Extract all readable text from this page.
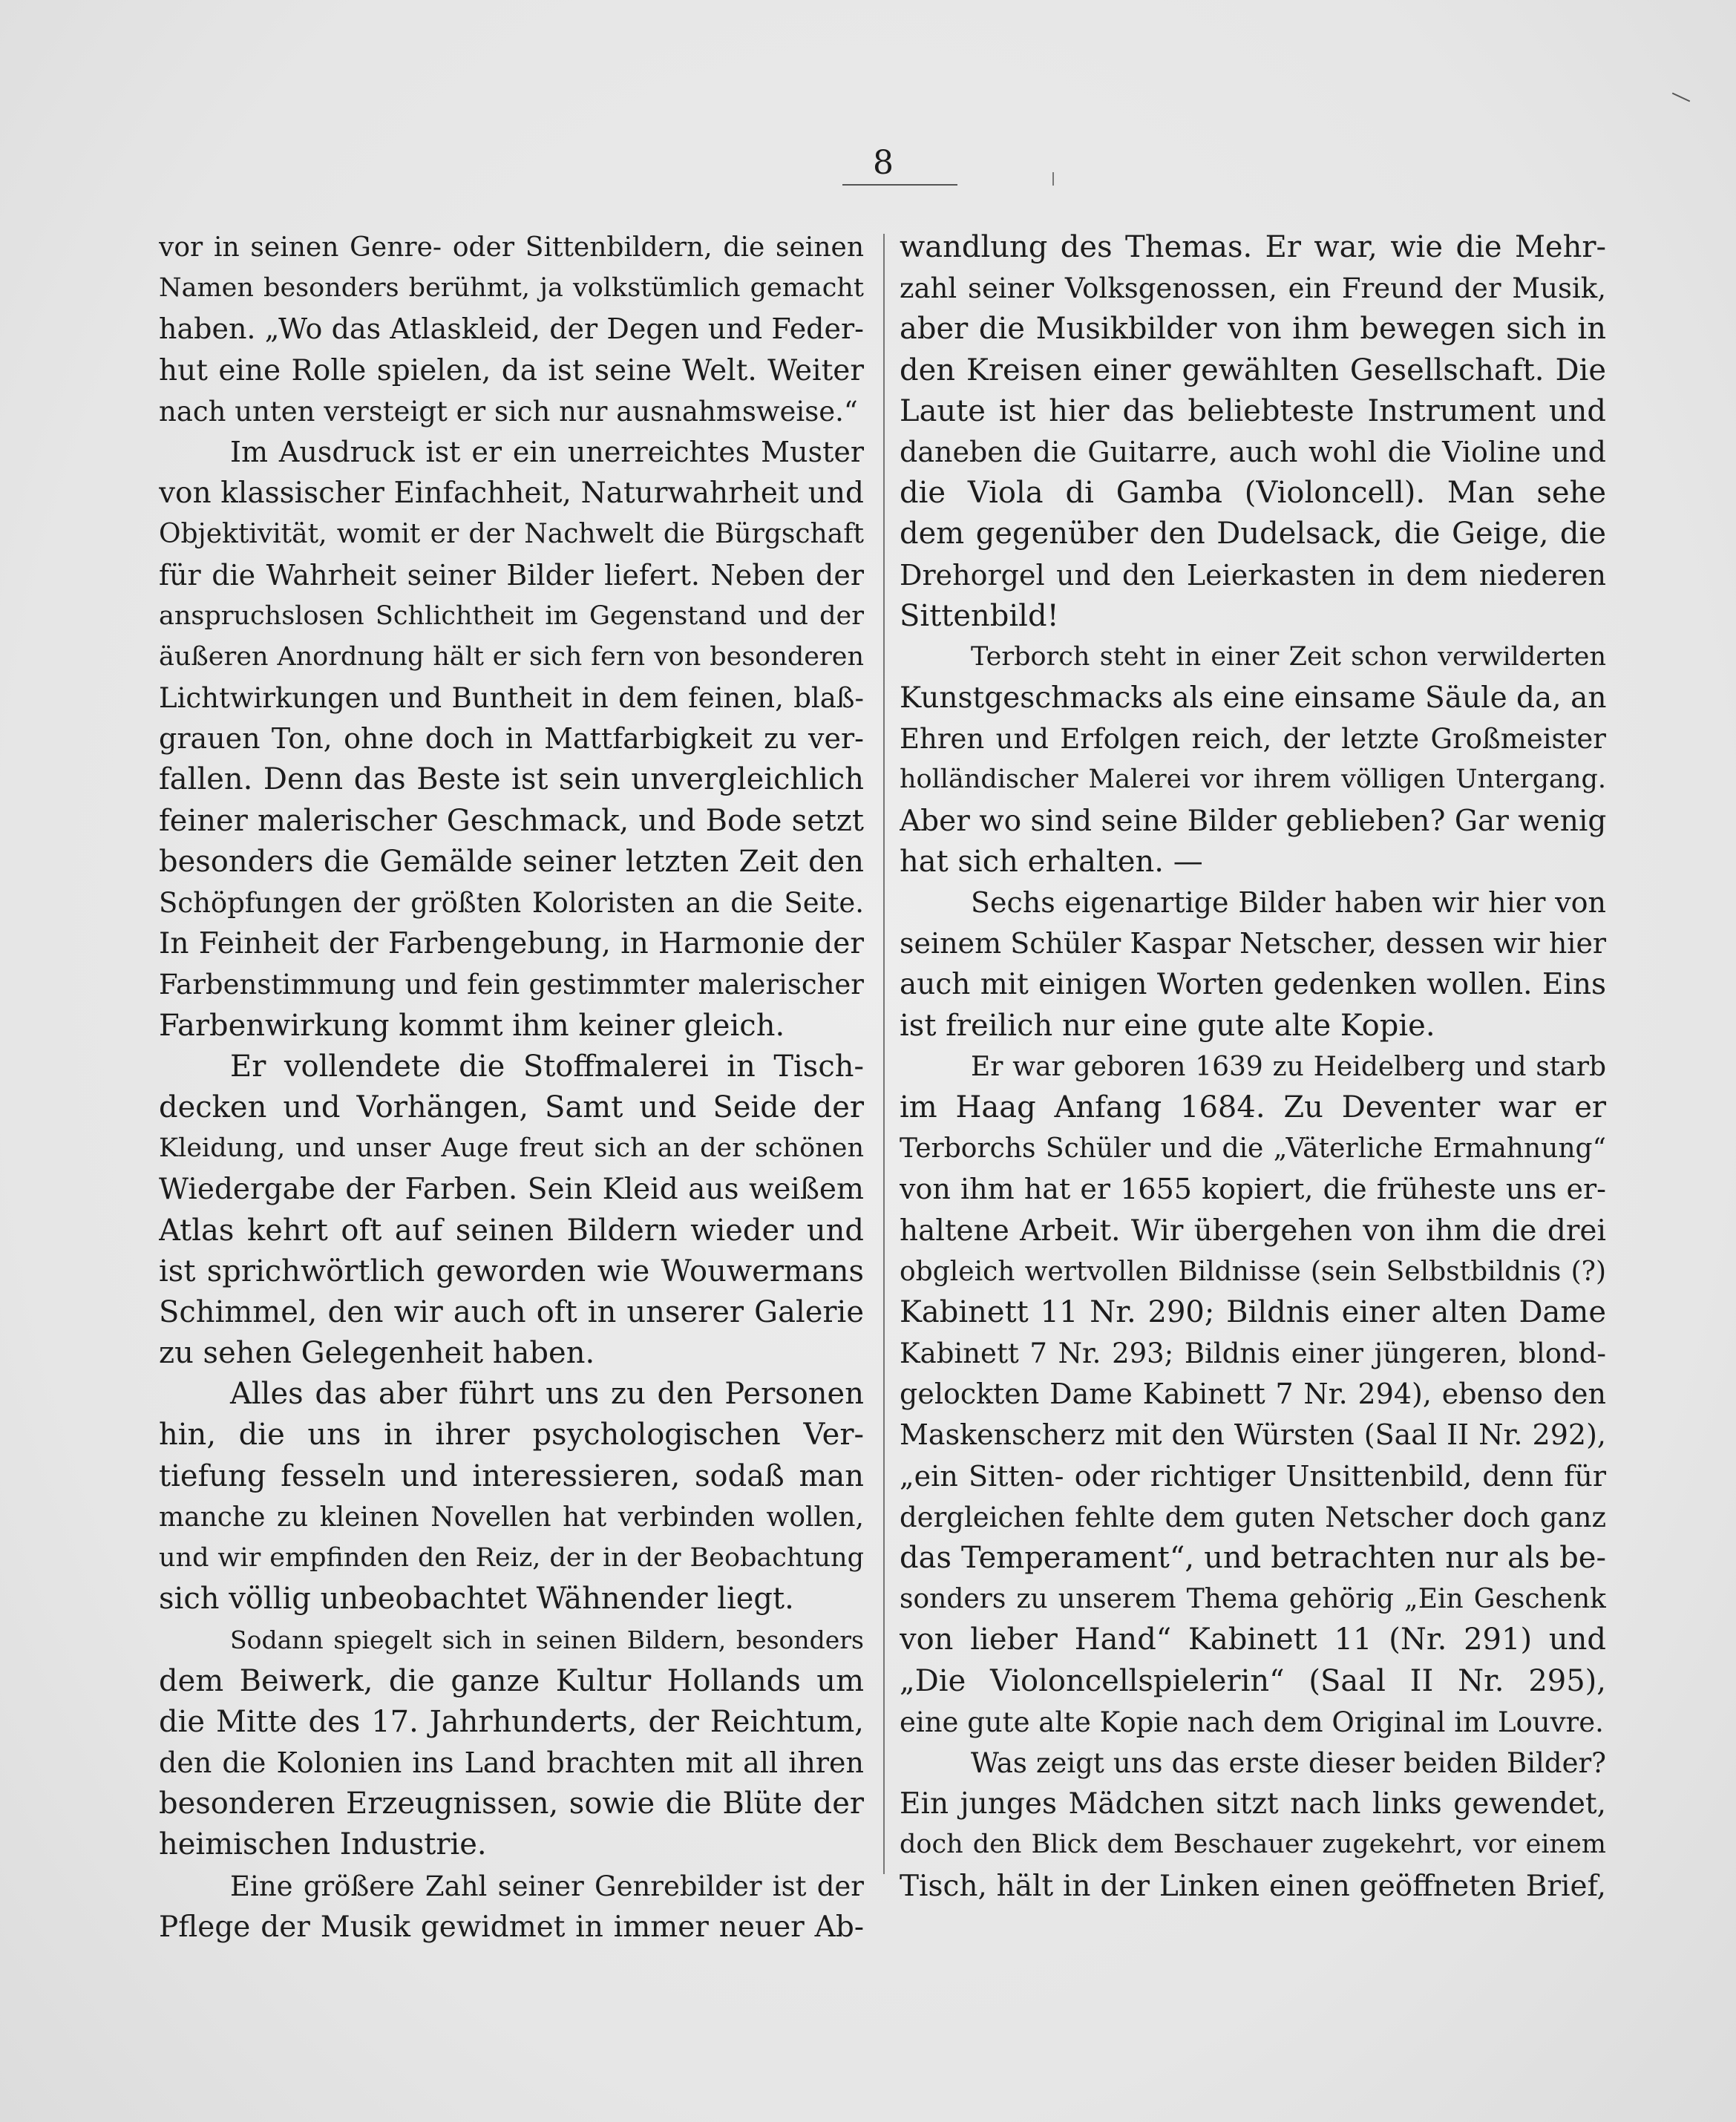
8
vor in seinen Genre- oder Sittenbildern, die seinen
Namen besonders berühmt, ja volkstümlich gemacht
haben. „Wo das Atlaskleid, der Degen und Feder-
hut eine Rolle spielen, da ist seine Welt. Weiter
nach unten versteigt er sich nur ausnahmsweise.“
Im Ausdruck ist er ein unerreichtes Muster
von klassischer Einfachheit, Naturwahrheit und
Objektivität, womit er der Nachwelt die Bürgschaft
für die Wahrheit seiner Bilder liefert. Neben der
anspruchslosen Schlichtheit im Gegenstand und der
äußeren Anordnung hält er sich fern von besonderen
Lichtwirkungen und Buntheit in dem feinen, blaß-
grauen Ton, ohne doch in Mattfarbigkeit zu ver-
fallen. Denn das Beste ist sein unvergleichlich
feiner malerischer Geschmack, und Bode setzt
besonders die Gemälde seiner letzten Zeit den
Schöpfungen der größten Koloristen an die Seite.
In Feinheit der Farbengebung, in Harmonie der
Farbenstimmung und fein gestimmter malerischer
Farbenwirkung kommt ihm keiner gleich.
Er vollendete die Stoffmalerei in Tisch-
decken und Vorhängen, Samt und Seide der
Kleidung, und unser Auge freut sich an der schönen
Wiedergabe der Farben. Sein Kleid aus weißem
Atlas kehrt oft auf seinen Bildern wieder und
ist sprichwörtlich geworden wie Wouwermans
Schimmel, den wir auch oft in unserer Galerie
zu sehen Gelegenheit haben.
Alles das aber führt uns zu den Personen
hin, die uns in ihrer psychologischen Ver-
tiefung fesseln und interessieren, sodaß man
manche zu kleinen Novellen hat verbinden wollen,
und wir empfinden den Reiz, der in der Beobachtung
sich völlig unbeobachtet Wähnender liegt.
Sodann spiegelt sich in seinen Bildern, besonders
dem Beiwerk, die ganze Kultur Hollands um
die Mitte des 17. Jahrhunderts, der Reichtum,
den die Kolonien ins Land brachten mit all ihren
besonderen Erzeugnissen, sowie die Blüte der
heimischen Industrie.
Eine größere Zahl seiner Genrebilder ist der
Pflege der Musik gewidmet in immer neuer Ab-
wandlung des Themas. Er war, wie die Mehr-
zahl seiner Volksgenossen, ein Freund der Musik,
aber die Musikbilder von ihm bewegen sich in
den Kreisen einer gewählten Gesellschaft. Die
Laute ist hier das beliebteste Instrument und
daneben die Guitarre, auch wohl die Violine und
die Viola di Gamba (Violoncell). Man sehe
dem gegenüber den Dudelsack, die Geige, die
Drehorgel und den Leierkasten in dem niederen
Sittenbild!
Terborch steht in einer Zeit schon verwilderten
Kunstgeschmacks als eine einsame Säule da, an
Ehren und Erfolgen reich, der letzte Großmeister
holländischer Malerei vor ihrem völligen Untergang.
Aber wo sind seine Bilder geblieben? Gar wenig
hat sich erhalten. —
Sechs eigenartige Bilder haben wir hier von
seinem Schüler Kaspar Netscher, dessen wir hier
auch mit einigen Worten gedenken wollen. Eins
ist freilich nur eine gute alte Kopie.
Er war geboren 1639 zu Heidelberg und starb
im Haag Anfang 1684. Zu Deventer war er
Terborchs Schüler und die „Väterliche Ermahnung“
von ihm hat er 1655 kopiert, die früheste uns er-
haltene Arbeit. Wir übergehen von ihm die drei
obgleich wertvollen Bildnisse (sein Selbstbildnis (?)
Kabinett 11 Nr. 290; Bildnis einer alten Dame
Kabinett 7 Nr. 293; Bildnis einer jüngeren, blond-
gelockten Dame Kabinett 7 Nr. 294), ebenso den
Maskenscherz mit den Würsten (Saal II Nr. 292),
„ein Sitten- oder richtiger Unsittenbild, denn für
dergleichen fehlte dem guten Netscher doch ganz
das Temperament“, und betrachten nur als be-
sonders zu unserem Thema gehörig „Ein Geschenk
von lieber Hand“ Kabinett 11 (Nr. 291) und
„Die Violoncellspielerin“ (Saal II Nr. 295),
eine gute alte Kopie nach dem Original im Louvre.
Was zeigt uns das erste dieser beiden Bilder?
Ein junges Mädchen sitzt nach links gewendet,
doch den Blick dem Beschauer zugekehrt, vor einem
Tisch, hält in der Linken einen geöffneten Brief,
